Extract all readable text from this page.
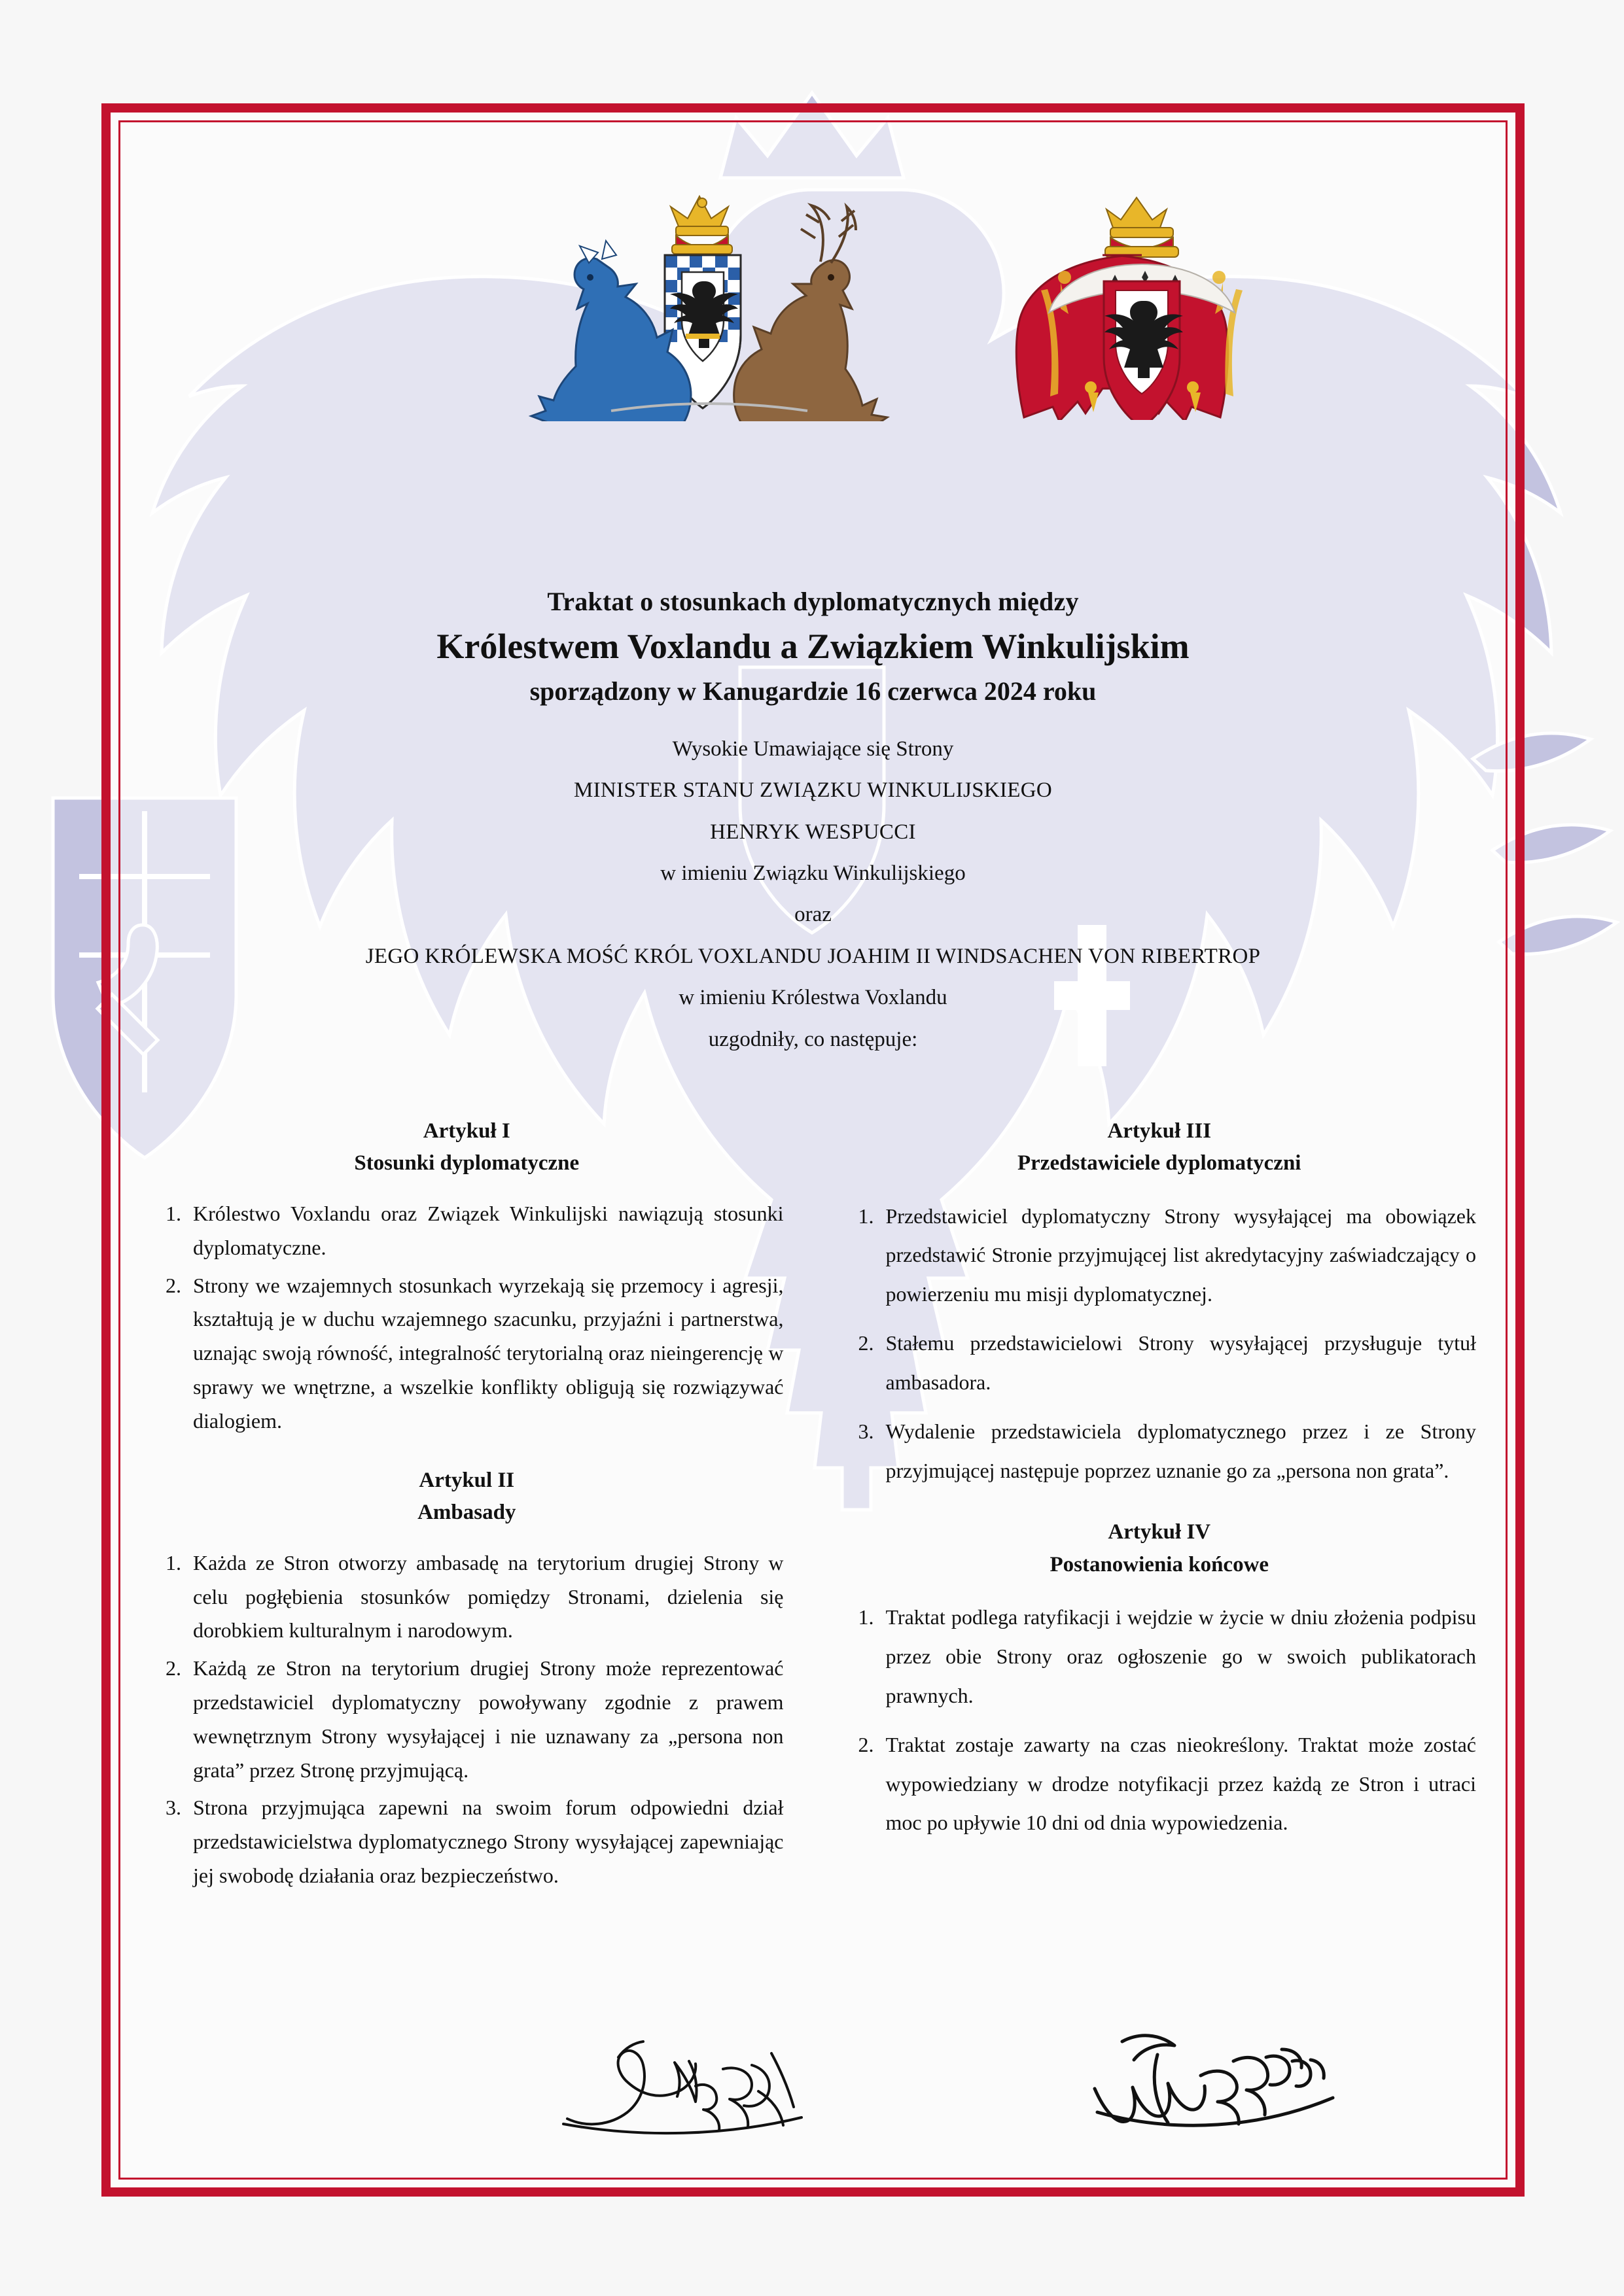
Traktat o stosunkach dyplomatycznych między
Królestwem Voxlandu a Związkiem Winkulijskim
sporządzony w Kanugardzie 16 czerwca 2024 roku
Wysokie Umawiające się Strony
MINISTER STANU ZWIĄZKU WINKULIJSKIEGO
HENRYK WESPUCCI
w imieniu Związku Winkulijskiego
oraz
JEGO KRÓLEWSKA MOŚĆ KRÓL VOXLANDU JOAHIM II WINDSACHEN VON RIBERTROP
w imieniu Królestwa Voxlandu
uzgodniły, co następuje:
Artykuł I
Stosunki dyplomatyczne
1. Królestwo Voxlandu oraz Związek Winkulijski nawiązują stosunki dyplomatyczne.
2. Strony we wzajemnych stosunkach wyrzekają się przemocy i agresji, kształtują je w duchu wzajemnego szacunku, przyjaźni i partnerstwa, uznając swoją równość, integralność terytorialną oraz nieingerencję w sprawy we wnętrzne, a wszelkie konflikty obligują się rozwiązywać dialogiem.
Artykul II
Ambasady
1. Każda ze Stron otworzy ambasadę na terytorium drugiej Strony w celu pogłębienia stosunków pomiędzy Stronami, dzielenia się dorobkiem kulturalnym i narodowym.
2. Każdą ze Stron na terytorium drugiej Strony może reprezentować przedstawiciel dyplomatyczny powoływany zgodnie z prawem wewnętrznym Strony wysyłającej i nie uznawany za „persona non grata” przez Stronę przyjmującą.
3. Strona przyjmująca zapewni na swoim forum odpowiedni dział przedstawicielstwa dyplomatycznego Strony wysyłającej zapewniając jej swobodę działania oraz bezpieczeństwo.
Artykuł III
Przedstawiciele dyplomatyczni
1. Przedstawiciel dyplomatyczny Strony wysyłającej ma obowiązek przedstawić Stronie przyjmującej list akredytacyjny zaświadczający o powierzeniu mu misji dyplomatycznej.
2. Stałemu przedstawicielowi Strony wysyłającej przysługuje tytuł ambasadora.
3. Wydalenie przedstawiciela dyplomatycznego przez i ze Strony przyjmującej następuje poprzez uznanie go za „persona non grata”.
Artykuł IV
Postanowienia końcowe
1. Traktat podlega ratyfikacji i wejdzie w życie w dniu złożenia podpisu przez obie Strony oraz ogłoszenie go w swoich publikatorach prawnych.
2. Traktat zostaje zawarty na czas nieokreślony. Traktat może zostać wypowiedziany w drodze notyfikacji przez każdą ze Stron i utraci moc po upływie 10 dni od dnia wypowiedzenia.
